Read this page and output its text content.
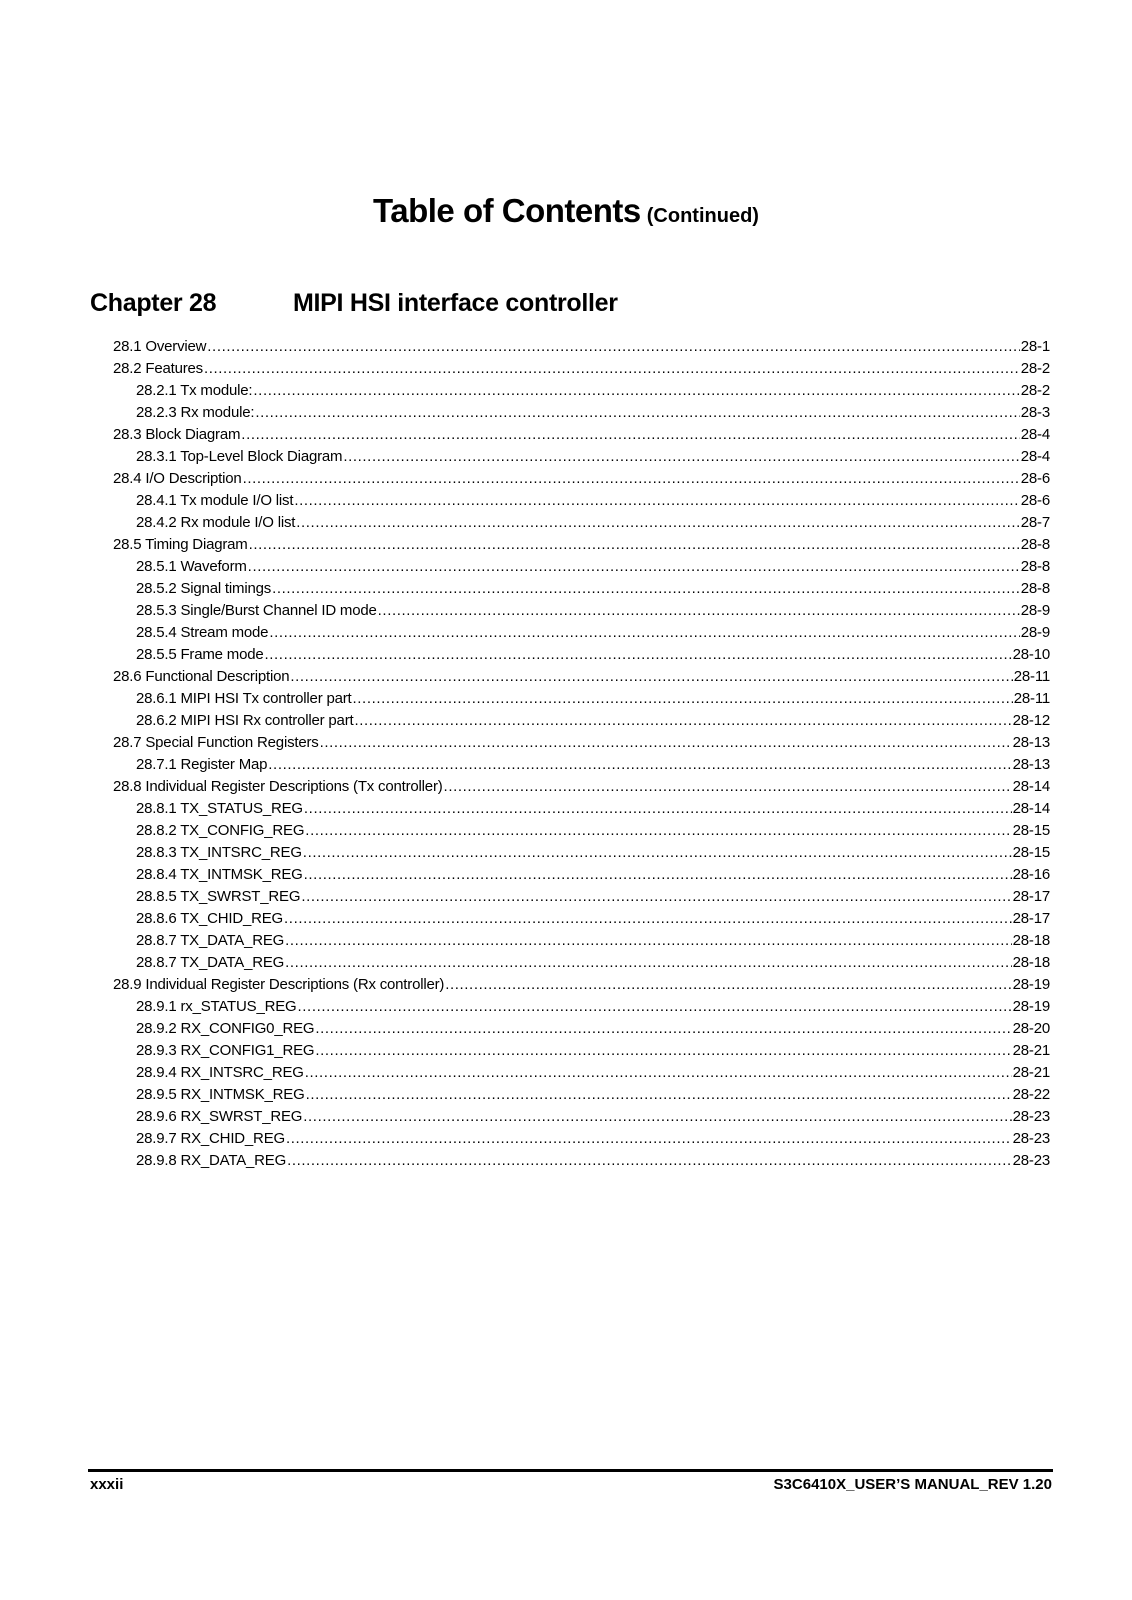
Table of Contents (Continued)
Chapter 28	MIPI HSI interface controller
28.1 Overview .....	28-1
28.2 Features .....	28-2
28.2.1 Tx module: .....	28-2
28.2.3 Rx module: .....	28-3
28.3 Block Diagram .....	28-4
28.3.1 Top-Level Block Diagram .....	28-4
28.4 I/O Description .....	28-6
28.4.1 Tx module I/O list .....	28-6
28.4.2 Rx module I/O list .....	28-7
28.5 Timing Diagram .....	28-8
28.5.1 Waveform .....	28-8
28.5.2 Signal timings .....	28-8
28.5.3 Single/Burst Channel ID mode .....	28-9
28.5.4 Stream mode .....	28-9
28.5.5 Frame mode .....	28-10
28.6 Functional Description .....	28-11
28.6.1 MIPI HSI Tx controller part .....	28-11
28.6.2 MIPI HSI Rx controller part .....	28-12
28.7 Special Function Registers .....	28-13
28.7.1 Register Map .....	28-13
28.8 Individual Register Descriptions (Tx controller) .....	28-14
28.8.1 TX_STATUS_REG .....	28-14
28.8.2 TX_CONFIG_REG .....	28-15
28.8.3 TX_INTSRC_REG .....	28-15
28.8.4 TX_INTMSK_REG .....	28-16
28.8.5 TX_SWRST_REG .....	28-17
28.8.6 TX_CHID_REG .....	28-17
28.8.7 TX_DATA_REG .....	28-18
28.8.7 TX_DATA_REG .....	28-18
28.9 Individual Register Descriptions (Rx controller) .....	28-19
28.9.1 rx_STATUS_REG .....	28-19
28.9.2 RX_CONFIG0_REG .....	28-20
28.9.3 RX_CONFIG1_REG .....	28-21
28.9.4 RX_INTSRC_REG .....	28-21
28.9.5 RX_INTMSK_REG .....	28-22
28.9.6 RX_SWRST_REG .....	28-23
28.9.7 RX_CHID_REG .....	28-23
28.9.8 RX_DATA_REG .....	28-23
xxxii	S3C6410X_USER’S MANUAL_REV 1.20
